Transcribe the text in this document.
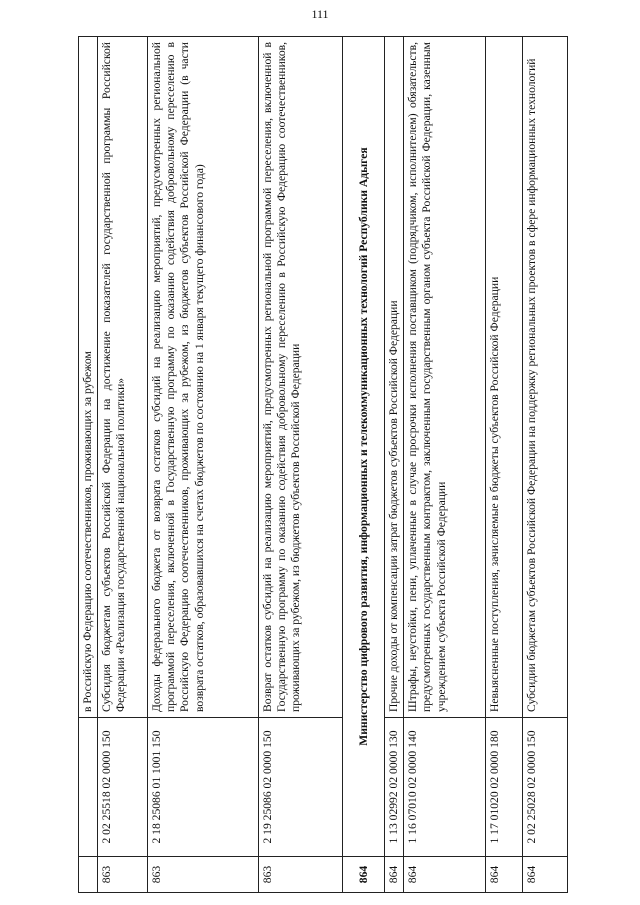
111
		в Российскую Федерацию соотечественников, проживающих за рубежом
863	2 02 25518 02 0000 150	Субсидия бюджетам субъектов Российской Федерации на достижение показателей государственной программы Российской Федерации «Реализация государственной национальной политики»
863	2 18 25086 01 1001 150	Доходы федерального бюджета от возврата остатков субсидий на реализацию мероприятий, предусмотренных региональной программой переселения, включенной в Государственную программу по оказанию содействия добровольному переселению в Российскую Федерацию соотечественников, проживающих за рубежом, из бюджетов субъектов Российской Федерации (в части возврата остатков, образовавшихся на счетах бюджетов по состоянию на 1 января текущего финансового года)
863	2 19 25086 02 0000 150	Возврат остатков субсидий на реализацию мероприятий, предусмотренных региональной программой переселения, включенной в Государственную программу по оказанию содействия добровольному переселению в Российскую Федерацию соотечественников, проживающих за рубежом, из бюджетов субъектов Российской Федерации
864	Министерство цифрового развития, информационных и телекоммуникационных технологий Республики Адыгея	
864	1 13 02992 02 0000 130	Прочие доходы от компенсации затрат бюджетов субъектов Российской Федерации
864	1 16 07010 02 0000 140	Штрафы, неустойки, пени, уплаченные в случае просрочки исполнения поставщиком (подрядчиком, исполнителем) обязательств, предусмотренных государственным контрактом, заключенным государственным органом субъекта Российской Федерации, казенным учреждением субъекта Российской Федерации
864	1 17 01020 02 0000 180	Невыясненные поступления, зачисляемые в бюджеты субъектов Российской Федерации
864	2 02 25028 02 0000 150	Субсидии бюджетам субъектов Российской Федерации на поддержку региональных проектов в сфере информационных технологий
